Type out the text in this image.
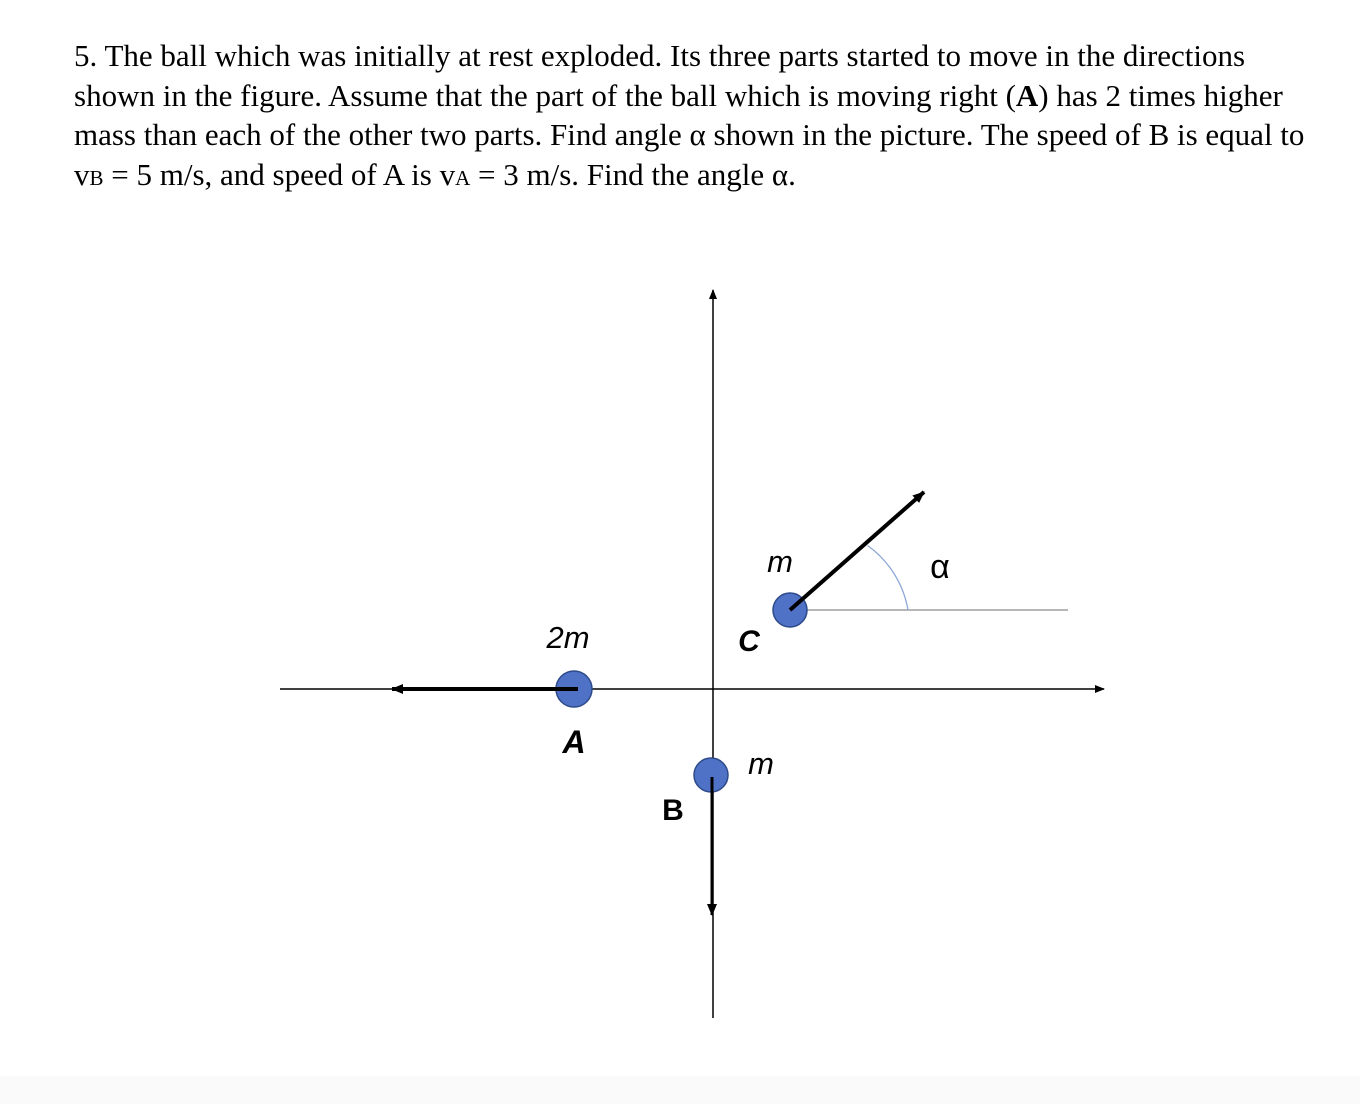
5. The ball which was initially at rest exploded. Its three parts started to move in the directions shown in the figure. Assume that the part of the ball which is moving right (A) has 2 times higher mass than each of the other two parts. Find angle α shown in the picture. The speed of B is equal to vB = 5 m/s, and speed of A is vA = 3 m/s. Find the angle α.

2m
A
B
m
C
m	α
